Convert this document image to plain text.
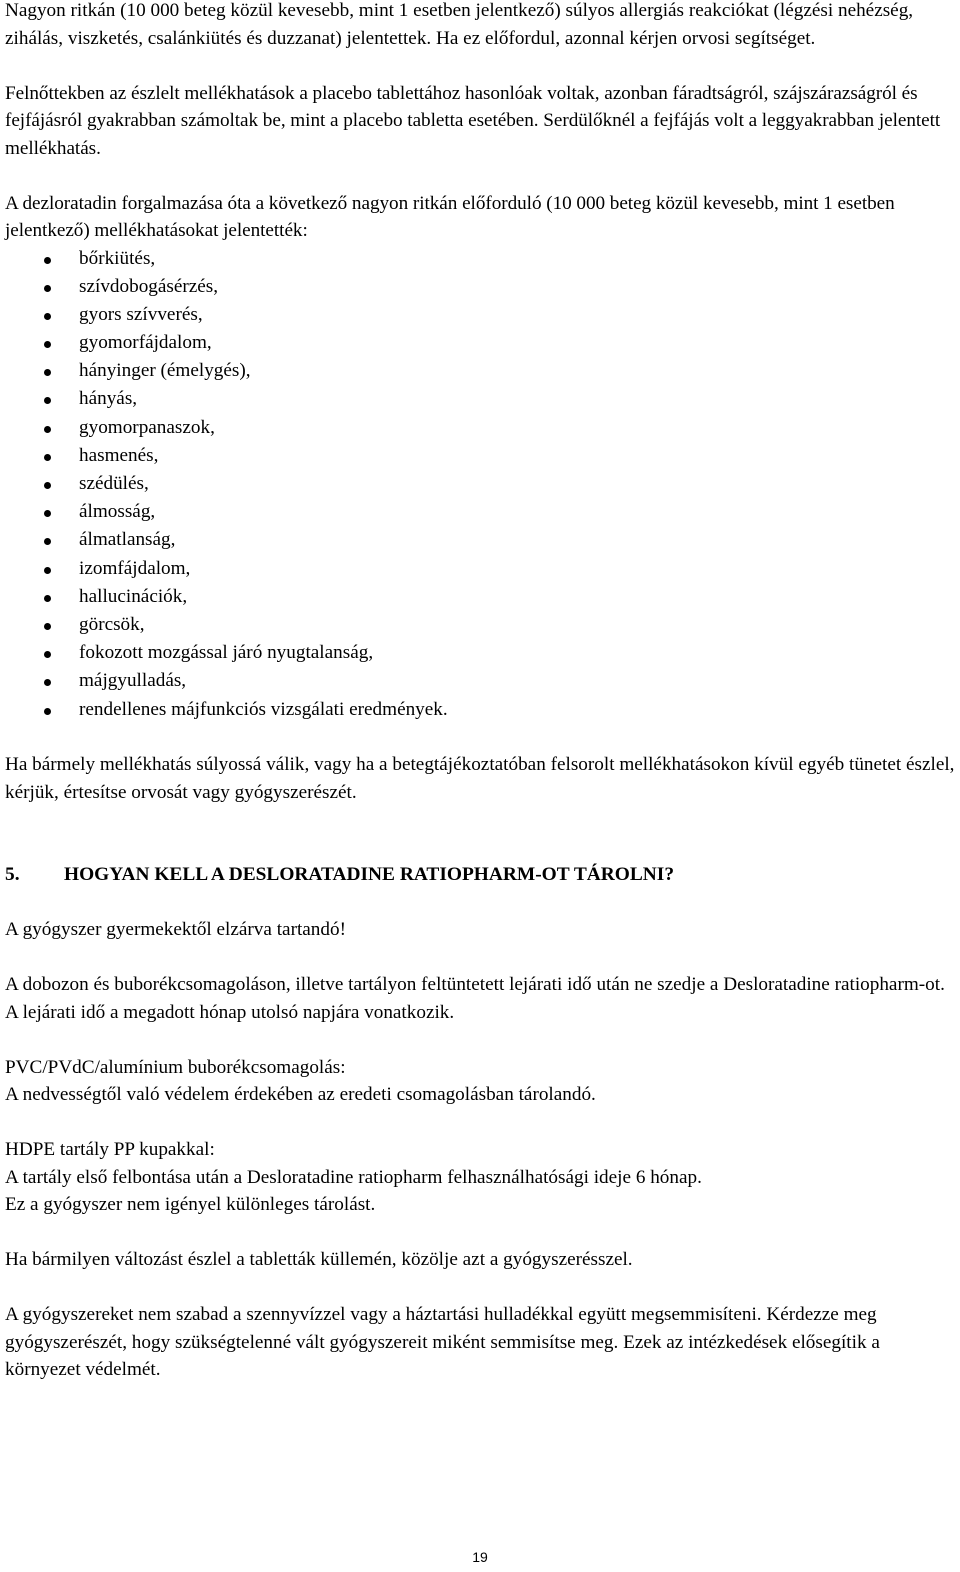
Nagyon ritkán (10 000 beteg közül kevesebb, mint 1 esetben jelentkező) súlyos allergiás reakciókat (légzési nehézség, zihálás, viszketés, csalánkiütés és duzzanat) jelentettek. Ha ez előfordul, azonnal kérjen orvosi segítséget.

Felnőttekben az észlelt mellékhatások a placebo tablettához hasonlóak voltak, azonban fáradtságról, szájszárazságról és fejfájásról gyakrabban számoltak be, mint a placebo tabletta esetében. Serdülőknél a fejfájás volt a leggyakrabban jelentett mellékhatás.

A dezloratadin forgalmazása óta a következő nagyon ritkán előforduló (10 000 beteg közül kevesebb, mint 1 esetben jelentkező) mellékhatásokat jelentették:

bőrkiütés,
szívdobogásérzés,
gyors szívverés,
gyomorfájdalom,
hányinger (émelygés),
hányás,
gyomorpanaszok,
hasmenés,
szédülés,
álmosság,
álmatlanság,
izomfájdalom,
hallucinációk,
görcsök,
fokozott mozgással járó nyugtalanság,
májgyulladás,
rendellenes májfunkciós vizsgálati eredmények.

Ha bármely mellékhatás súlyossá válik, vagy ha a betegtájékoztatóban felsorolt mellékhatásokon kívül egyéb tünetet észlel, kérjük, értesítse orvosát vagy gyógyszerészét.

5.	HOGYAN KELL A DESLORATADINE RATIOPHARM-OT TÁROLNI?

A gyógyszer gyermekektől elzárva tartandó!

A dobozon és buborékcsomagoláson, illetve tartályon feltüntetett lejárati idő után ne szedje a Desloratadine ratiopharm-ot. A lejárati idő a megadott hónap utolsó napjára vonatkozik.

PVC/PVdC/alumínium buborékcsomagolás:

A nedvességtől való védelem érdekében az eredeti csomagolásban tárolandó.

HDPE tartály PP kupakkal:

A tartály első felbontása után a Desloratadine ratiopharm felhasználhatósági ideje 6 hónap.

Ez a gyógyszer nem igényel különleges tárolást.

Ha bármilyen változást észlel a tabletták küllemén, közölje azt a gyógyszerésszel.

A gyógyszereket nem szabad a szennyvízzel vagy a háztartási hulladékkal együtt megsemmisíteni. Kérdezze meg gyógyszerészét, hogy szükségtelenné vált gyógyszereit miként semmisítse meg. Ezek az intézkedések elősegítik a környezet védelmét.

19
